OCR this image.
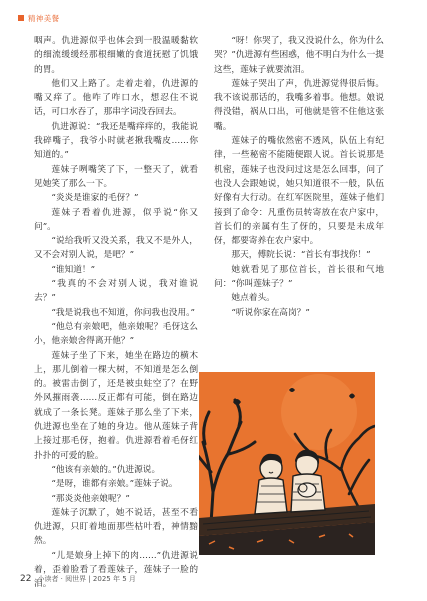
精神美餐

咽声。仇进源似乎也体会到一股温暖黏软的细流缓缓经那根细嫩的食道抚慰了饥饿的胃。

他们又上路了。走着走着，仇进源的嘴又痒了。他咋了咋口水，想忍住不说话，可口水吞了，那串字词没吞回去。

仇进源说：“我还是嘴痒痒的，我能说我碎嘴子，我爷小时就老揪我嘴皮……你知道的。”

莲妹子咧嘴笑了下，一整天了，就看见她笑了那么一下。

“炎炎是谁家的毛伢？”

莲妹子看着仇进源，似乎说“你又问”。

“说给我听又没关系，我又不是外人，又不会对别人说，是吧？”

“谁知道！”

“我真的不会对别人说，我对谁说去？”

“我是说我也不知道，你问我也没用。”

“他总有亲娘吧，他亲娘呢？毛伢这么小，他亲娘舍得离开他？”

莲妹子坐了下来，她坐在路边的横木上，那儿倒着一棵大树，不知道是怎么倒的。被雷击倒了，还是被虫蛀空了？在野外风摧雨袭……反正都有可能，倒在路边就成了一条长凳。莲妹子那么坐了下来，仇进源也坐在了她的身边。他从莲妹子背上接过那毛伢，抱着。仇进源看着毛伢红扑扑的可爱的脸。

“他该有亲娘的。”仇进源说。

“是呀，谁都有亲娘。”莲妹子说。

“那炎炎他亲娘呢？”

莲妹子沉默了，她不说话，甚至不看仇进源，只盯着地面那些枯叶看，神情黯然。

“儿是娘身上掉下的肉……”仇进源说着，歪着脸看了看莲妹子，莲妹子一脸的泪。

“呀！你哭了，我又没说什么，你为什么哭？”仇进源有些困惑，他不明白为什么一提这些，莲妹子就要流泪。

莲妹子哭出了声，仇进源觉得很后悔。我不该说那话的，我嘴多着事。他想。娘说得没错，祸从口出，可他就是管不住他这张嘴。

莲妹子的嘴依然密不透风，队伍上有纪律，一些秘密不能随便跟人说。首长说那是机密，莲妹子也没问过这是怎么回事，问了也没人会跟她说，她只知道很不一般，队伍好像有大行动。在红军医院里，莲妹子他们接到了命令：凡重伤员转寄放在农户家中，首长们的亲属有生了伢的，只要是未成年伢，都要寄养在农户家中。

那天，傅院长说：“首长有事找你！”

她就看见了那位首长，首长很和气地问：“你叫莲妹子？”

她点着头。

“听说你家在高岗？”

22 小读者 · 阅世界 | 2025 年 5 月
